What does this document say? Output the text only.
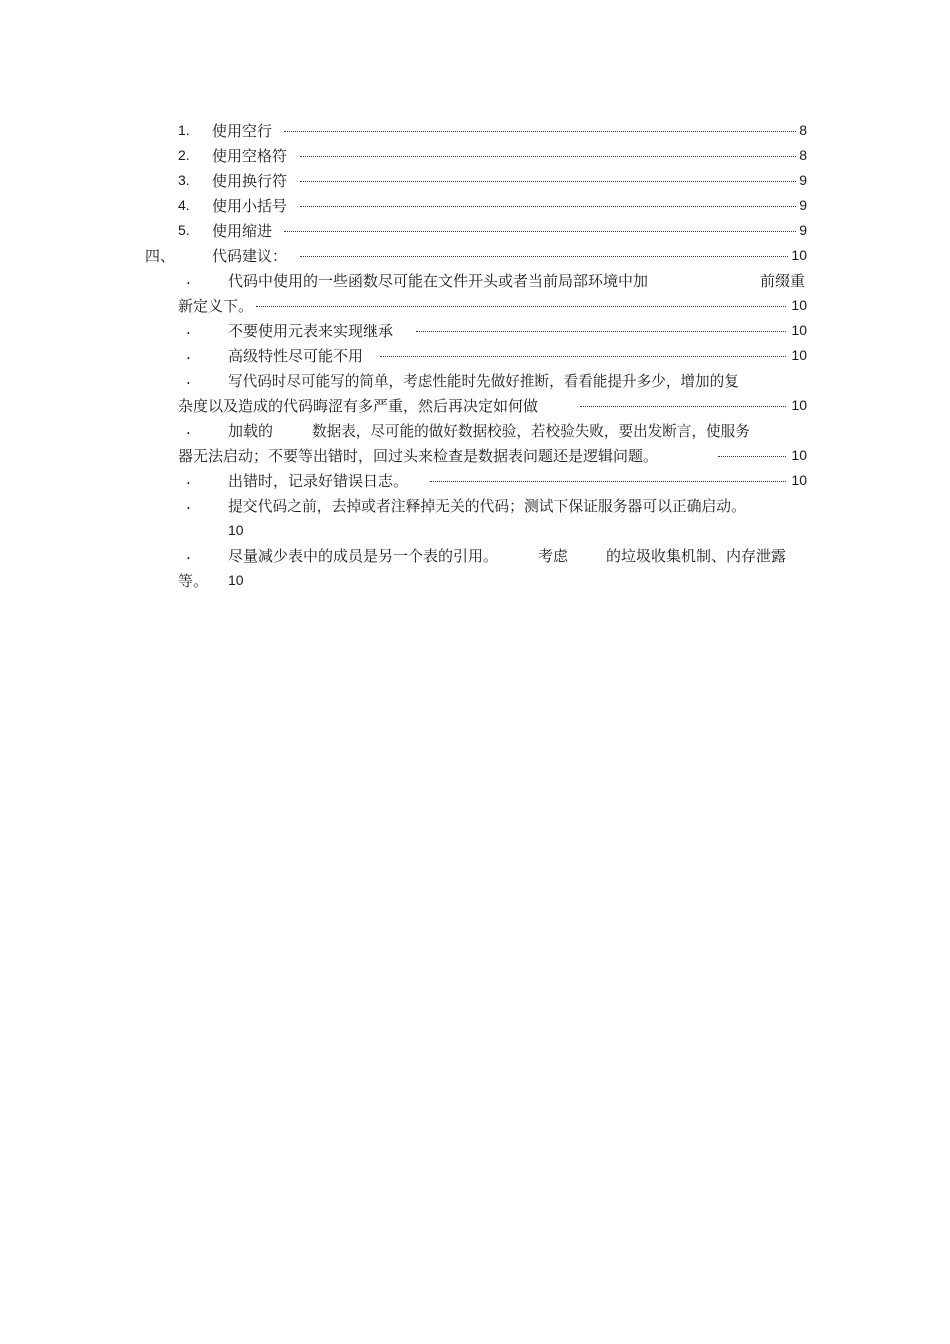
1. 使用空行	8
2. 使用空格符	8
3. 使用换行符	9
4. 使用小括号	9
5. 使用缩进	9
四、 代码建议：	10
. 代码中使用的一些函数尽可能在文件开头或者当前局部环境中加	前缀重
新定义下。	10
. 不要使用元表来实现继承	10
. 高级特性尽可能不用	10
.	写代码时尽可能写的简单，考虑性能时先做好推断，看看能提升多少，增加的复
杂度以及造成的代码晦涩有多严重，然后再决定如何做	10
. 加载的	数据表，尽可能的做好数据校验，若校验失败，要出发断言，使服务
器无法启动；不要等出错时，回过头来检查是数据表问题还是逻辑问题。	10
. 出错时，记录好错误日志。	10
.	提交代码之前，去掉或者注释掉无关的代码；测试下保证服务器可以正确启动。
10
. 尽量减少表中的成员是另一个表的引用。	考虑	的垃圾收集机制、内存泄露
等。 10
